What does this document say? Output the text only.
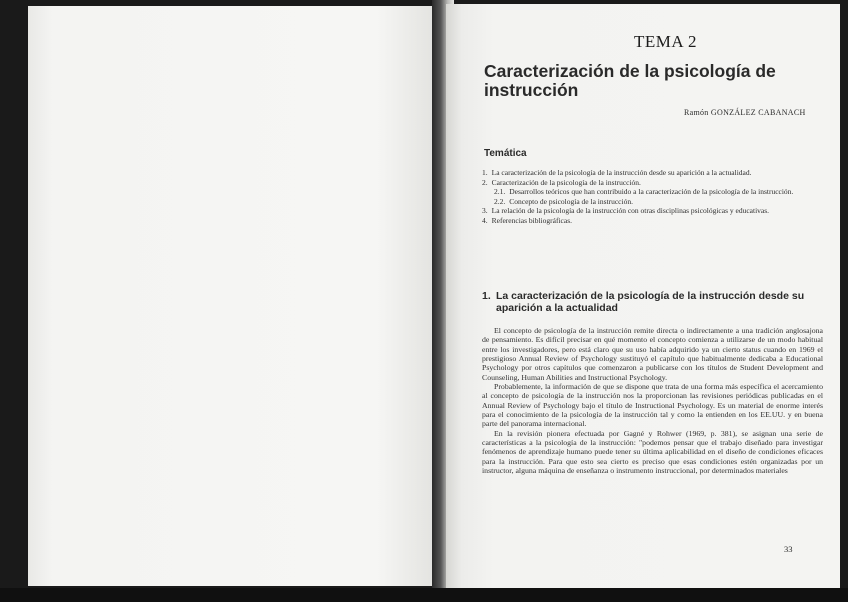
TEMA 2
Caracterización de la psicología de instrucción
Ramón GONZÁLEZ CABANACH
Temática
1. La caracterización de la psicología de la instrucción desde su aparición a la actualidad.
2. Caracterización de la psicología de la instrucción.
2.1. Desarrollos teóricos que han contribuido a la caracterización de la psicología de la instrucción.
2.2. Concepto de psicología de la instrucción.
3. La relación de la psicología de la instrucción con otras disciplinas psicológicas y educativas.
4. Referencias bibliográficas.
1. La caracterización de la psicología de la instrucción desde su aparición a la actualidad

El concepto de psicología de la instrucción remite directa o indirectamente a una tradición anglosajona de pensamiento. Es difícil precisar en qué momento el concepto comienza a utilizarse de un modo habitual entre los investigadores, pero está claro que su uso había adquirido ya un cierto status cuando en 1969 el prestigioso Annual Review of Psychology sustituyó el capítulo que habitualmente dedicaba a Educational Psychology por otros capítulos que comenzaron a publicarse con los títulos de Student Development and Counseling, Human Abilities and Instructional Psychology.

Probablemente, la información de que se dispone que trata de una forma más específica el acercamiento al concepto de psicología de la instrucción nos la proporcionan las revisiones periódicas publicadas en el Annual Review of Psychology bajo el título de Instructional Psychology. Es un material de enorme interés para el conocimiento de la psicología de la instrucción tal y como la entienden en los EE.UU. y en buena parte del panorama internacional.

En la revisión pionera efectuada por Gagné y Rohwer (1969, p. 381), se asignan una serie de características a la psicología de la instrucción: "podemos pensar que el trabajo diseñado para investigar fenómenos de aprendizaje humano puede tener su última aplicabilidad en el diseño de condiciones eficaces para la instrucción. Para que esto sea cierto es preciso que esas condiciones estén organizadas por un instructor, alguna máquina de enseñanza o instrumento instruccional, por determinados materiales

33
